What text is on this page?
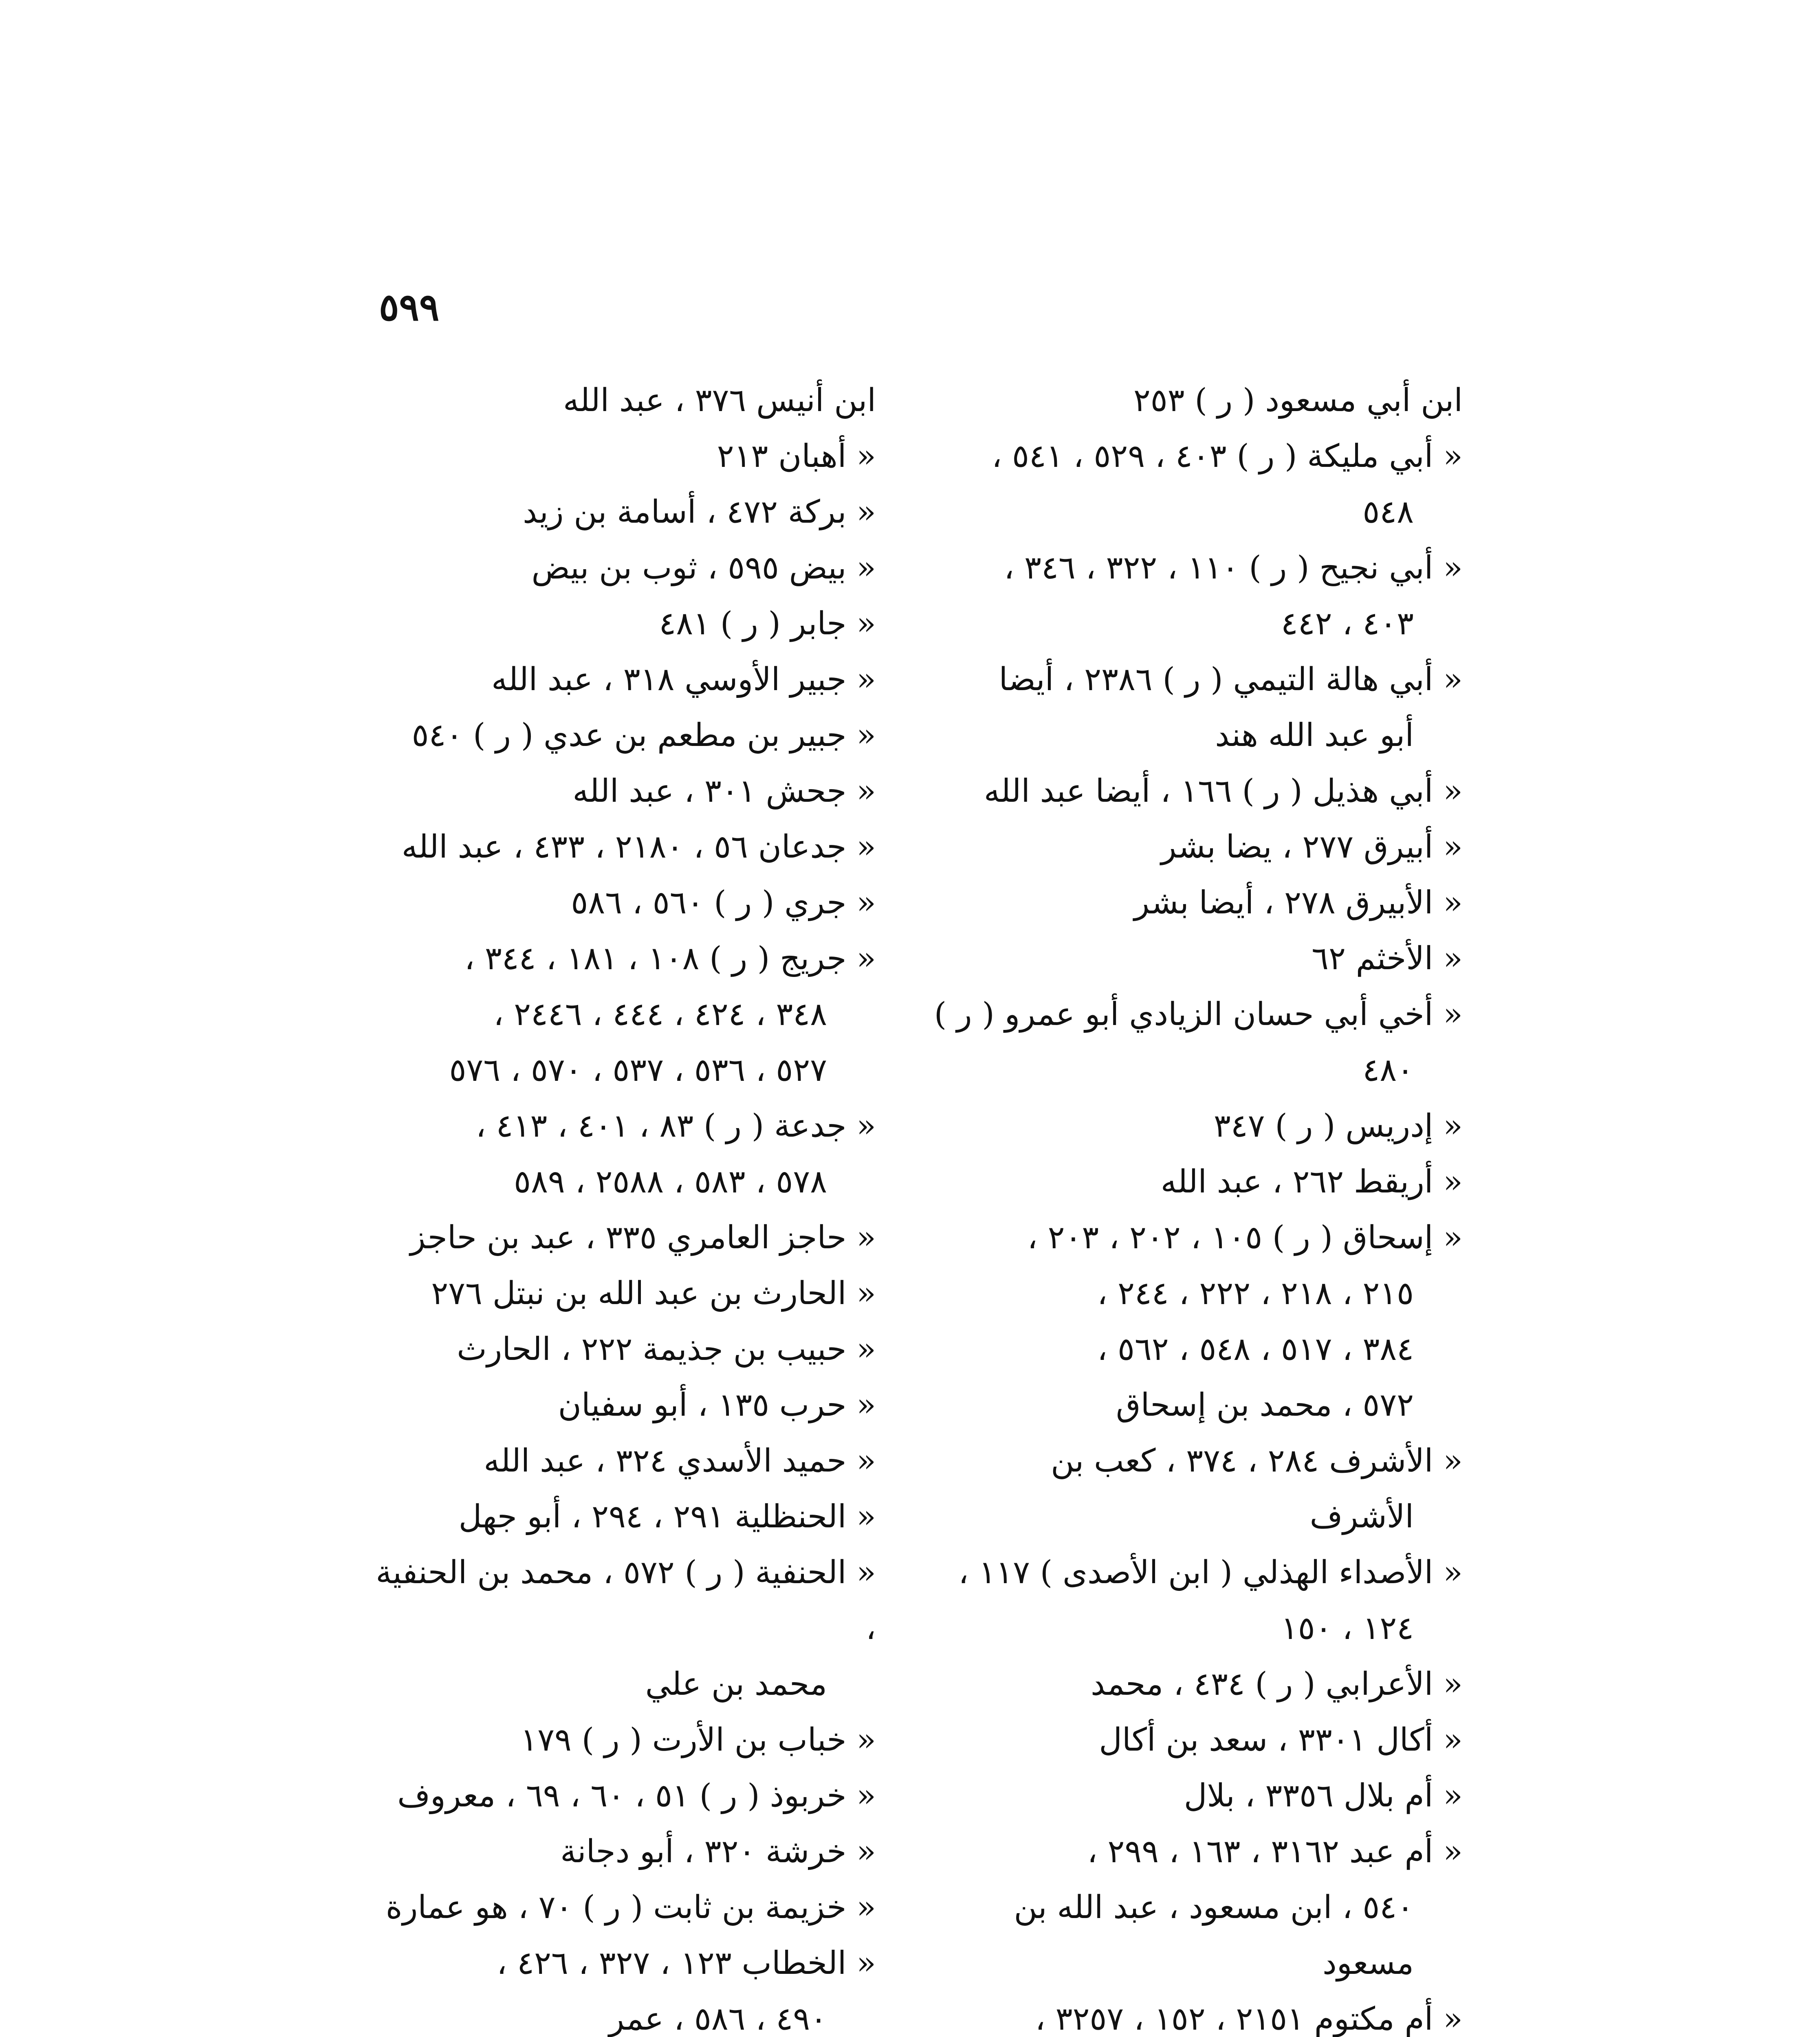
٥٩٩

ابن أبي مسعود ( ر ) ٢٥٣

« أبي مليكة ( ر ) ٤٠٣ ، ٥٢٩ ، ٥٤١ ،
٥٤٨

« أبي نجيح ( ر ) ١١٠ ، ٣٢٢ ، ٣٤٦ ،
٤٠٣ ، ٤٤٢

« أبي هالة التيمي ( ر ) ٢٣٨٦ ، أيضا
أبو عبد الله هند

« أبي هذيل ( ر ) ١٦٦ ، أيضا عبد الله

« أبيرق ٢٧٧ ، يضا بشر

« الأبيرق ٢٧٨ ، أيضا بشر

« الأخثم ٦٢

« أخي أبي حسان الزيادي أبو عمرو ( ر )
٤٨٠

« إدريس ( ر ) ٣٤٧

« أريقط ٢٦٢ ، عبد الله

« إسحاق ( ر ) ١٠٥ ، ٢٠٢ ، ٢٠٣ ،
٢١٥ ، ٢١٨ ، ٢٢٢ ، ٢٤٤ ،
٣٨٤ ، ٥١٧ ، ٥٤٨ ، ٥٦٢ ،
٥٧٢ ، محمد بن إسحاق

« الأشرف ٢٨٤ ، ٣٧٤ ، كعب بن
الأشرف

« الأصداء الهذلي ( ابن الأصدى ) ١١٧ ،
١٢٤ ، ١٥٠

« الأعرابي ( ر ) ٤٣٤ ، محمد

« أكال ٣٣٠١ ، سعد بن أكال

« أم بلال ٣٣٥٦ ، بلال

« أم عبد ٣١٦٢ ، ١٦٣ ، ٢٩٩ ،
٥٤٠ ، ابن مسعود ، عبد الله بن مسعود

« أم مكتوم ٢١٥١ ، ١٥٢ ، ٣٢٥٧ ،

ابن أنيس ٣٧٦ ، عبد الله

« أهبان ٢١٣

« بركة ٤٧٢ ، أسامة بن زيد

« بيض ٥٩٥ ، ثوب بن بيض

« جابر ( ر ) ٤٨١

« جبير الأوسي ٣١٨ ، عبد الله

« جبير بن مطعم بن عدي ( ر ) ٥٤٠

« جحش ٣٠١ ، عبد الله

« جدعان ٥٦ ، ٢١٨٠ ، ٤٣٣ ، عبد الله

« جري ( ر ) ٥٦٠ ، ٥٨٦

« جريج ( ر ) ١٠٨ ، ١٨١ ، ٣٤٤ ،
٣٤٨ ، ٤٢٤ ، ٤٤٤ ، ٢٤٤٦ ،
٥٢٧ ، ٥٣٦ ، ٥٣٧ ، ٥٧٠ ، ٥٧٦

« جدعة ( ر ) ٨٣ ، ٤٠١ ، ٤١٣ ،
٥٧٨ ، ٥٨٣ ، ٢٥٨٨ ، ٥٨٩

« حاجز العامري ٣٣٥ ، عبد بن حاجز

« الحارث بن عبد الله بن نبتل ٢٧٦

« حبيب بن جذيمة ٢٢٢ ، الحارث

« حرب ١٣٥ ، أبو سفيان

« حميد الأسدي ٣٢٤ ، عبد الله

« الحنظلية ٢٩١ ، ٢٩٤ ، أبو جهل

« الحنفية ( ر ) ٥٧٢ ، محمد بن الحنفية ،
محمد بن علي

« خباب بن الأرت ( ر ) ١٧٩

« خربوذ ( ر ) ٥١ ، ٦٠ ، ٦٩ ، معروف

« خرشة ٣٢٠ ، أبو دجانة

« خزيمة بن ثابت ( ر ) ٧٠ ، هو عمارة

« الخطاب ١٢٣ ، ٣٢٧ ، ٤٢٦ ،
٤٩٠ ، ٥٨٦ ، عمر
